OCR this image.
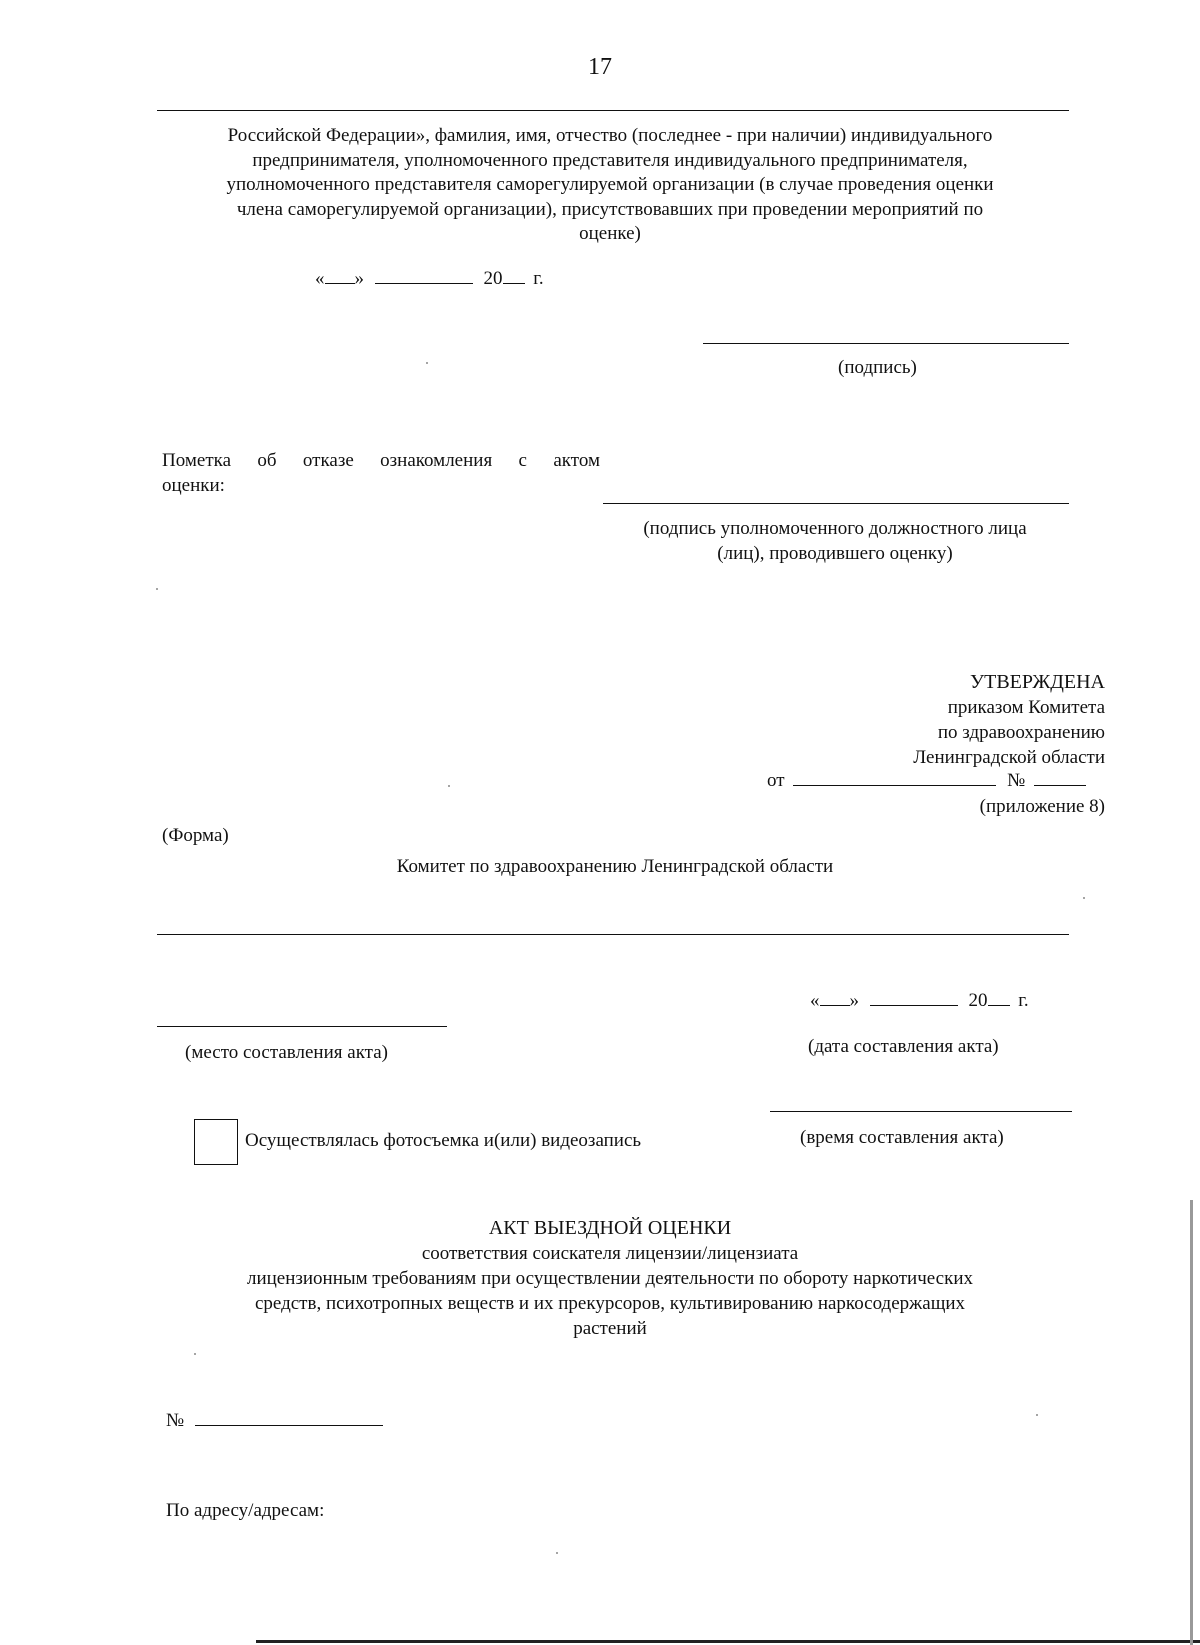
17
Российской Федерации», фамилия, имя, отчество (последнее - при наличии) индивидуального
предпринимателя, уполномоченного представителя индивидуального предпринимателя,
уполномоченного представителя саморегулируемой организации (в случае проведения оценки
члена саморегулируемой организации), присутствовавших при проведении мероприятий по
оценке)
« »	20 г.
(подпись)
Пометка об отказе ознакомления с актом
оценки:
(подпись уполномоченного должностного лица
(лиц), проводившего оценку)
УТВЕРЖДЕНА
приказом Комитета
по здравоохранению
Ленинградской области
от	№
(приложение 8)
(Форма)
Комитет по здравоохранению Ленинградской области
« »	20 г.
(место составления акта)	(дата составления акта)
Осуществлялась фотосъемка и(или) видеозапись	(время составления акта)
АКТ ВЫЕЗДНОЙ ОЦЕНКИ
соответствия соискателя лицензии/лицензиата
лицензионным требованиям при осуществлении деятельности по обороту наркотических
средств, психотропных веществ и их прекурсоров, культивированию наркосодержащих
растений
№
По адресу/адресам:
